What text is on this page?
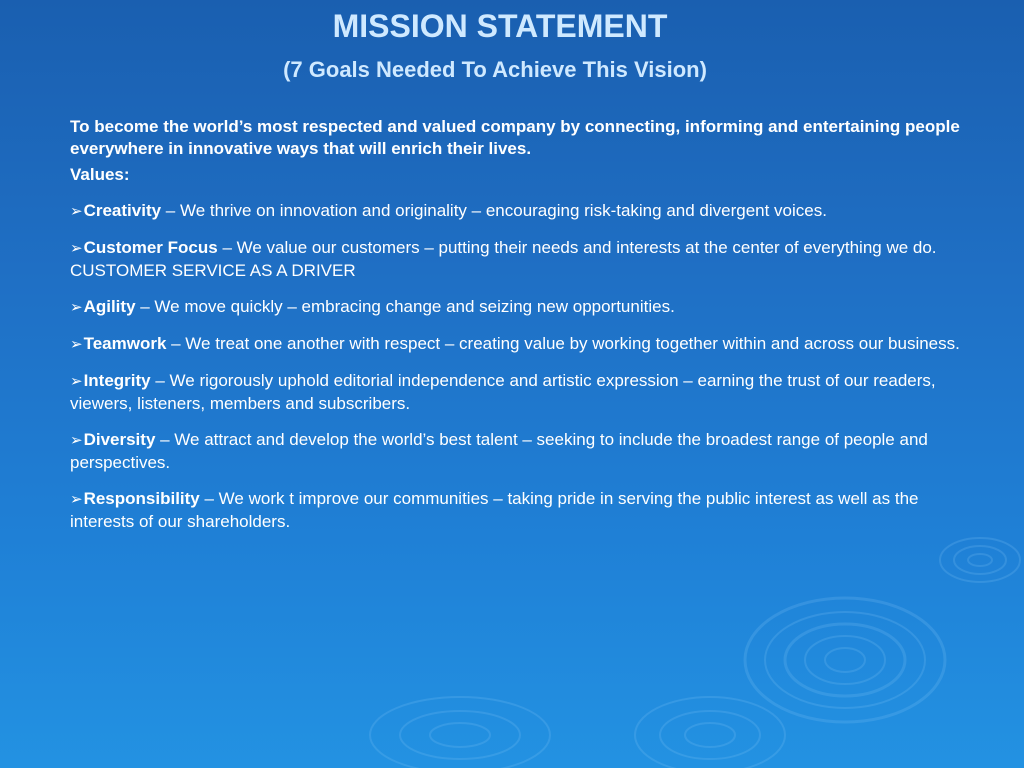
MISSION STATEMENT
(7 Goals Needed To Achieve This Vision)

To become the world’s most respected and valued company by connecting, informing and entertaining people everywhere in innovative ways that will enrich their lives.

Values:

➢Creativity – We thrive on innovation and originality – encouraging risk-taking and divergent voices.

➢Customer Focus – We value our customers – putting their needs and interests at the center of everything we do. CUSTOMER SERVICE AS A DRIVER

➢Agility – We move quickly – embracing change and seizing new opportunities.

➢Teamwork – We treat one another with respect – creating value by working together within and across our business.

➢Integrity – We rigorously uphold editorial independence and artistic expression – earning the trust of our readers, viewers, listeners, members and subscribers.

➢Diversity – We attract and develop the world’s best talent – seeking to include the broadest range of people and perspectives.

➢Responsibility – We work t improve our communities – taking pride in serving the public interest as well as the interests of our shareholders.
